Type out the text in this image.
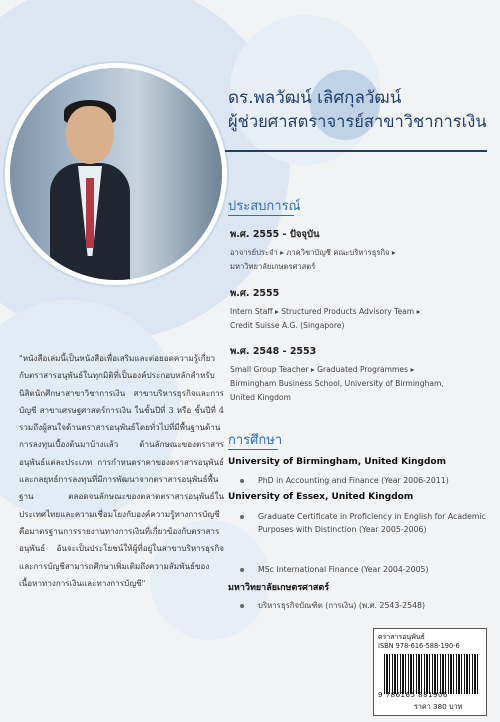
ดร.พลวัฒน์ เลิศกุลวัฒน์
ผู้ช่วยศาสตราจารย์สาขาวิชาการเงิน
ประสบการณ์
พ.ศ. 2555 - ปัจจุบัน
อาจารย์ประจำ ▸ ภาควิชาบัญชี คณะบริหารธุรกิจ ▸
มหาวิทยาลัยเกษตรศาสตร์
พ.ศ. 2555
Intern Staff ▸ Structured Products Advisory Team ▸
Credit Suisse A.G. (Singapore)
พ.ศ. 2548 - 2553
Small Group Teacher ▸ Graduated Programmes ▸
Birmingham Business School, University of Birmingham,
United Kingdom
การศึกษา
University of Birmingham, United Kingdom
PhD in Accounting and Finance (Year 2006-2011)
University of Essex, United Kingdom
Graduate Certificate in Proficiency in English for Academic Purposes with Distinction (Year 2005-2006)
MSc International Finance (Year 2004-2005)
มหาวิทยาลัยเกษตรศาสตร์
บริหารธุรกิจบัณฑิต (การเงิน) (พ.ศ. 2543-2548)
"หนังสือเล่มนี้เป็นหนังสือเพื่อเสริมและต่อยอดความรู้เกี่ยวกับตราสารอนุพันธ์ในทุกมิติที่เป็นองค์ประกอบหลักสำหรับนิสิตนักศึกษาสาขาวิชาการเงิน สาขาบริหารธุรกิจและการบัญชี สาขาเศรษฐศาสตร์การเงิน ในชั้นปีที่ 3 หรือ ชั้นปีที่ 4 รวมถึงผู้สนใจด้านตราสารอนุพันธ์โดยทั่วไปที่มีพื้นฐานด้านการลงทุนเบื้องต้นมาบ้างแล้ว ด้านลักษณะของตราสารอนุพันธ์แต่ละประเภท การกำหนดราคาของตราสารอนุพันธ์ และกลยุทธ์การลงทุนที่มีการพัฒนาจากตราสารอนุพันธ์พื้นฐาน ตลอดจนลักษณะของตลาดตราสารอนุพันธ์ในประเทศไทยและความเชื่อมโยงกับองค์ความรู้ทางการบัญชี คือมาตรฐานการรายงานทางการเงินที่เกี่ยวข้องกับตราสารอนุพันธ์ อันจะเป็นประโยชน์ให้ผู้ที่อยู่ในสาขาบริหารธุรกิจและการบัญชีสามารถศึกษาเพิ่มเติมถึงความสัมพันธ์ของเนื้อหาทางการเงินและทางการบัญชี"
ตราสารอนุพันธ์
ISBN 978-616-588-190-6
9 786165 881906
ราคา 380 บาท
